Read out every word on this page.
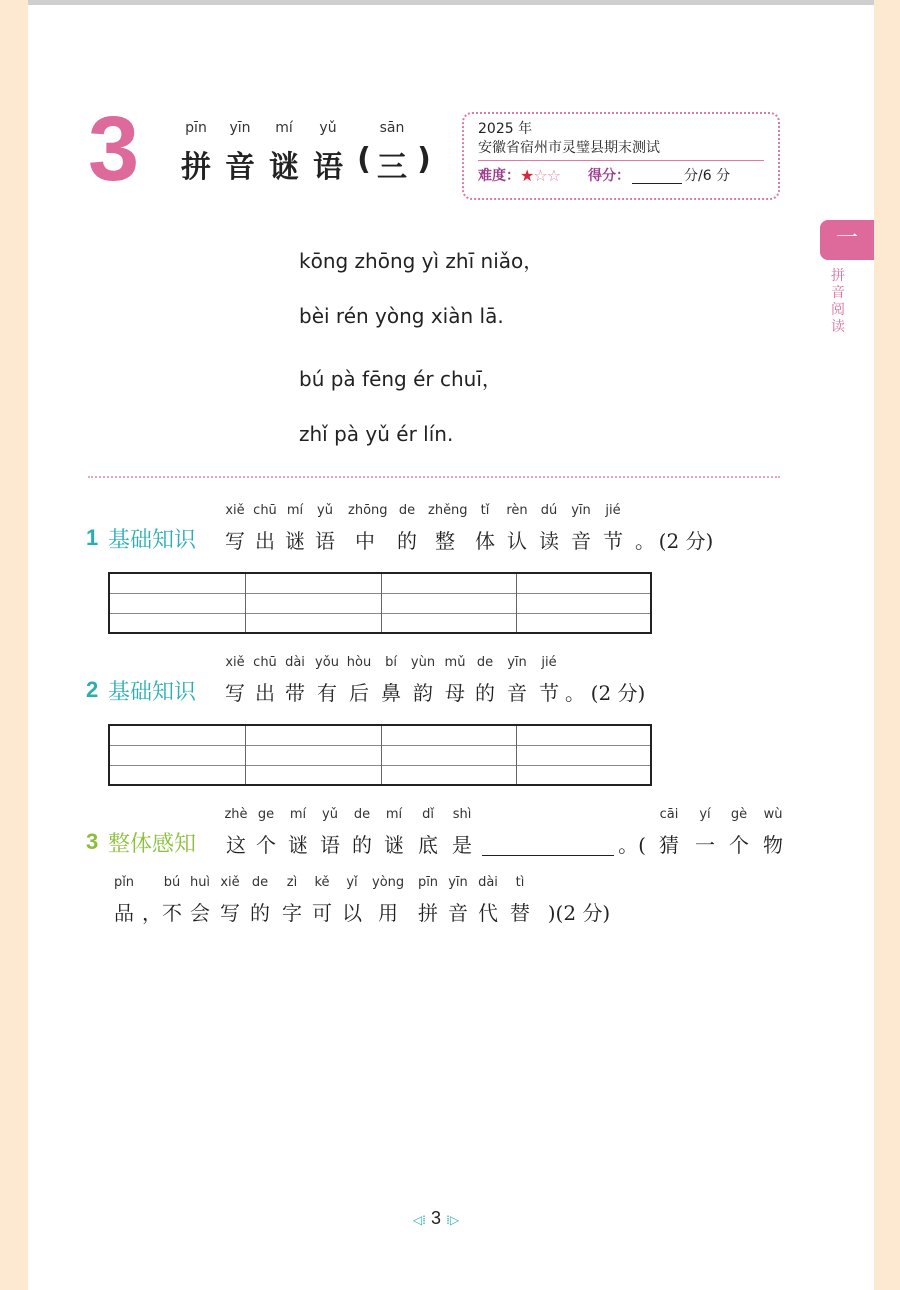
3	2025 年
安徽省宿州市灵璧县期末测试
难度： ★☆☆ 得分：	分/6 分
一
拼音阅读
kōng zhōng yì zhī niǎo，
bèi rén yòng xiàn lā.
bú pà fēng ér chuī，
zhǐ pà yǔ ér lín.
1 基础知识
2 基础知识
3 整体感知
◁⁞ 3 ⁞▷
pīn
拼
yīn
音
mí
谜
yǔ
语 (
sān
三 )
xiě
写
chū
出
mí
谜
yǔ
语
zhōng
中
de
的
zhěng
整
tǐ
体
rèn
认
dú
读
yīn
音
jié
节 。 (2 分)
xiě
写
chū
出
dài
带
yǒu
有
hòu
后
bí
鼻
yùn
韵
mǔ
母
de
的
yīn
音
jié
节 。 (2 分)
zhè
这
ge
个
mí
谜
yǔ
语
de
的
mí
谜
dǐ
底
shì
是	。(
cāi
猜
yí
一
gè
个
wù
物
pǐn
品 ，
bú
不
huì
会
xiě
写
de
的
zì
字
kě
可
yǐ
以
yòng
用
pīn
拼
yīn
音
dài
代
tì
替 )(2 分)
